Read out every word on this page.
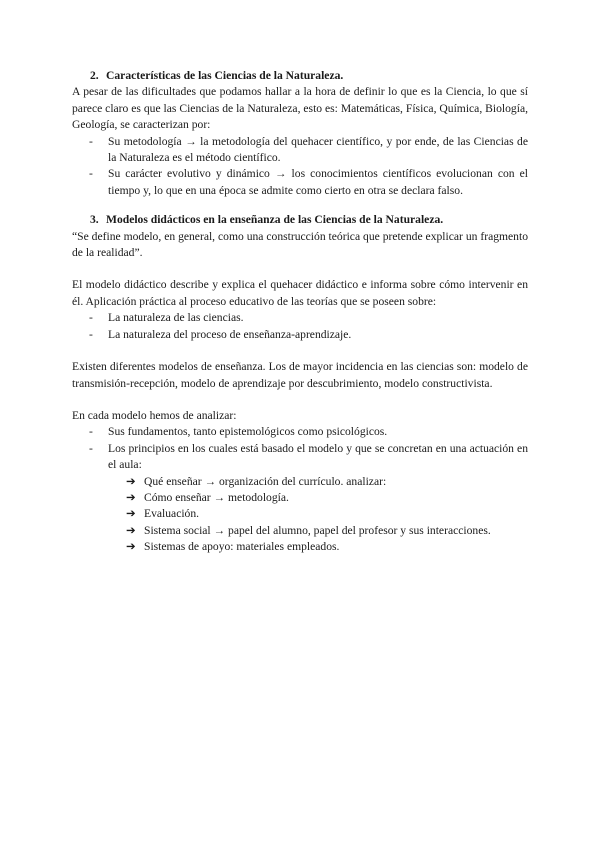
2. Características de las Ciencias de la Naturaleza.

A pesar de las dificultades que podamos hallar a la hora de definir lo que es la Ciencia, lo que sí parece claro es que las Ciencias de la Naturaleza, esto es: Matemáticas, Física, Química, Biología, Geología, se caracterizan por:

- Su metodología → la metodología del quehacer científico, y por ende, de las Ciencias de la Naturaleza es el método científico.
- Su carácter evolutivo y dinámico → los conocimientos científicos evolucionan con el tiempo y, lo que en una época se admite como cierto en otra se declara falso.

3. Modelos didácticos en la enseñanza de las Ciencias de la Naturaleza.

“Se define modelo, en general, como una construcción teórica que pretende explicar un fragmento de la realidad”.

El modelo didáctico describe y explica el quehacer didáctico e informa sobre cómo intervenir en él. Aplicación práctica al proceso educativo de las teorías que se poseen sobre:

- La naturaleza de las ciencias.
- La naturaleza del proceso de enseñanza-aprendizaje.

Existen diferentes modelos de enseñanza. Los de mayor incidencia en las ciencias son: modelo de transmisión-recepción, modelo de aprendizaje por descubrimiento, modelo constructivista.

En cada modelo hemos de analizar:

- Sus fundamentos, tanto epistemológicos como psicológicos.
- Los principios en los cuales está basado el modelo y que se concretan en una actuación en el aula:
➔ Qué enseñar → organización del currículo. analizar:
➔ Cómo enseñar → metodología.
➔ Evaluación.
➔ Sistema social → papel del alumno, papel del profesor y sus interacciones.
➔ Sistemas de apoyo: materiales empleados.
